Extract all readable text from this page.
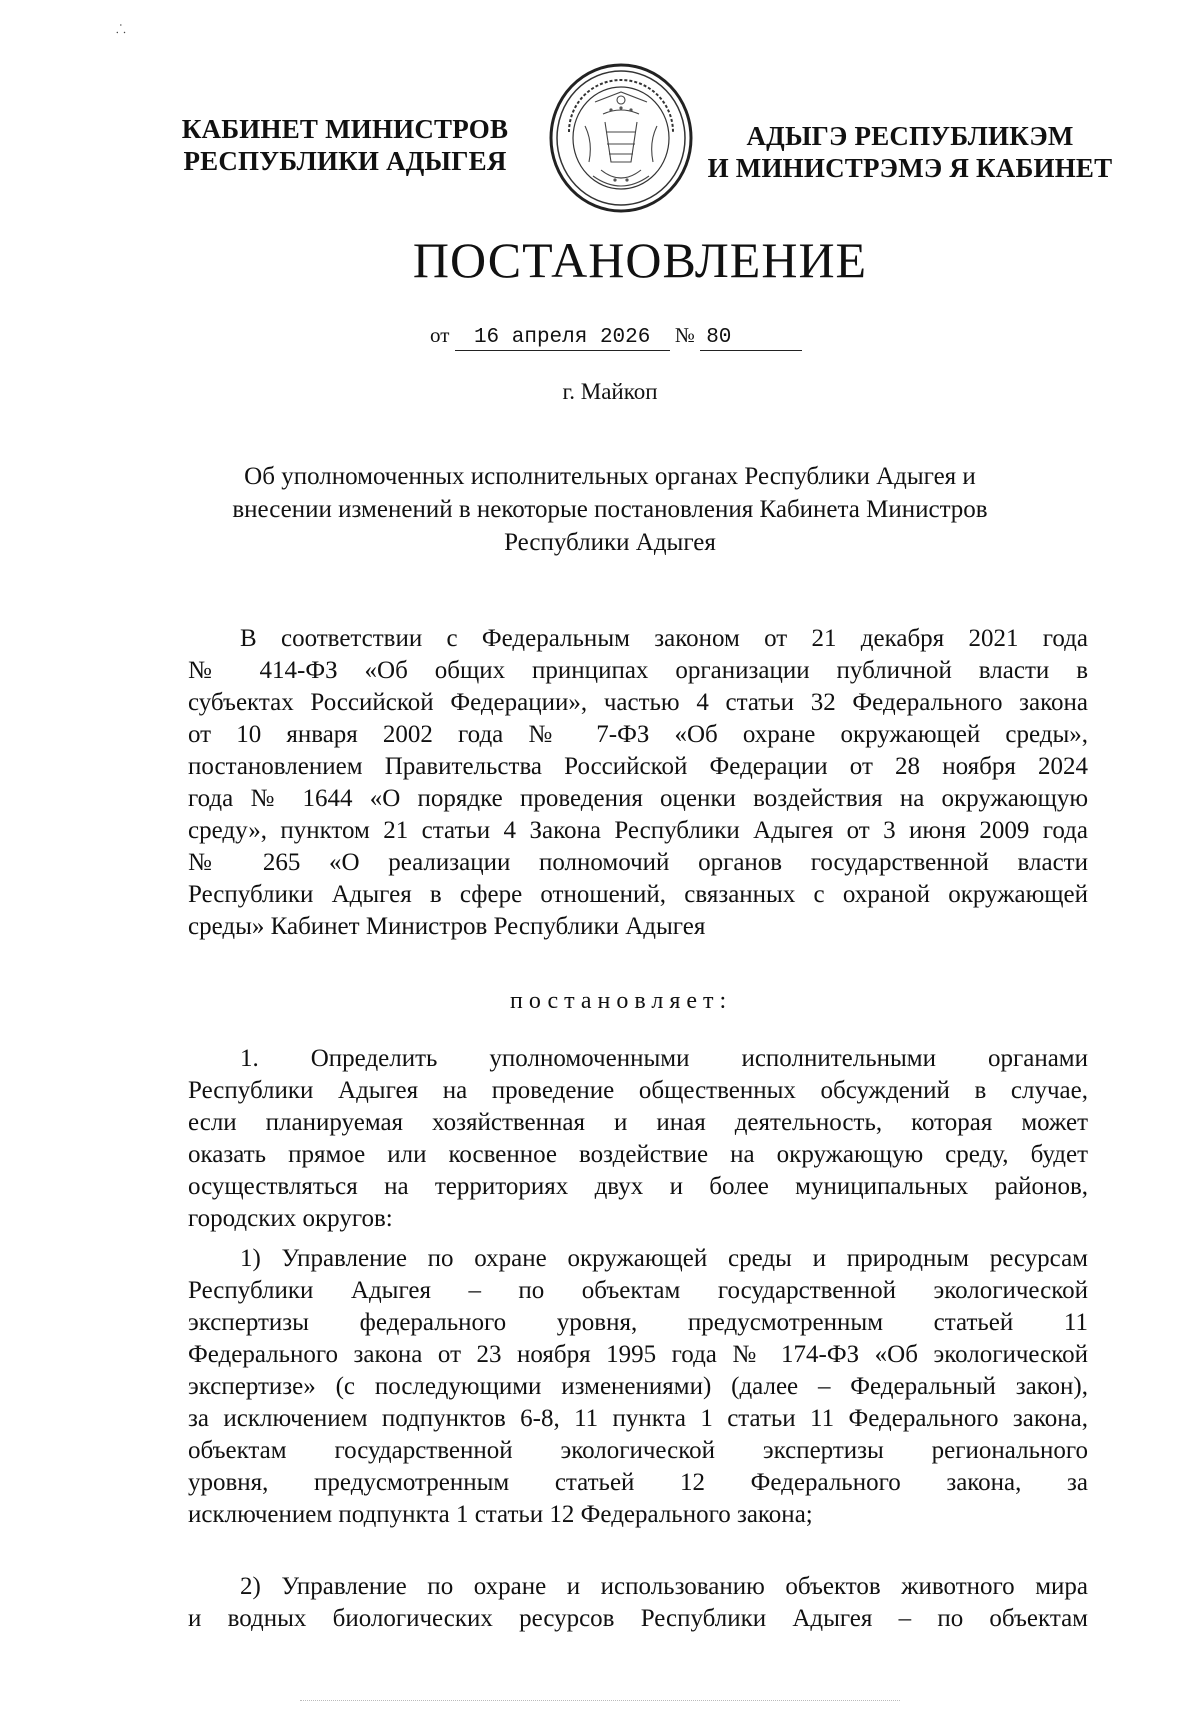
⸫
КАБИНЕТ МИНИСТРОВ
РЕСПУБЛИКИ АДЫГЕЯ
АДЫГЭ РЕСПУБЛИКЭМ
И МИНИСТРЭМЭ Я КАБИНЕТ
ПОСТАНОВЛЕНИЕ
от 16 апреля 2026 № 80
г. Майкоп
Об уполномоченных исполнительных органах Республики Адыгея и
внесении изменений в некоторые постановления Кабинета Министров
Республики Адыгея
В соответствии с Федеральным законом от 21 декабря 2021 года
№ 414-ФЗ «Об общих принципах организации публичной власти в
субъектах Российской Федерации», частью 4 статьи 32 Федерального закона
от 10 января 2002 года № 7-ФЗ «Об охране окружающей среды»,
постановлением Правительства Российской Федерации от 28 ноября 2024
года № 1644 «О порядке проведения оценки воздействия на окружающую
среду», пунктом 21 статьи 4 Закона Республики Адыгея от 3 июня 2009 года
№ 265 «О реализации полномочий органов государственной власти
Республики Адыгея в сфере отношений, связанных с охраной окружающей
среды» Кабинет Министров Республики Адыгея
постановляет:
1. Определить уполномоченными исполнительными органами
Республики Адыгея на проведение общественных обсуждений в случае,
если планируемая хозяйственная и иная деятельность, которая может
оказать прямое или косвенное воздействие на окружающую среду, будет
осуществляться на территориях двух и более муниципальных районов,
городских округов:
1) Управление по охране окружающей среды и природным ресурсам
Республики Адыгея – по объектам государственной экологической
экспертизы федерального уровня, предусмотренным статьей 11
Федерального закона от 23 ноября 1995 года № 174-ФЗ «Об экологической
экспертизе» (с последующими изменениями) (далее – Федеральный закон),
за исключением подпунктов 6-8, 11 пункта 1 статьи 11 Федерального закона,
объектам государственной экологической экспертизы регионального
уровня, предусмотренным статьей 12 Федерального закона, за
исключением подпункта 1 статьи 12 Федерального закона;
2) Управление по охране и использованию объектов животного мира
и водных биологических ресурсов Республики Адыгея – по объектам
